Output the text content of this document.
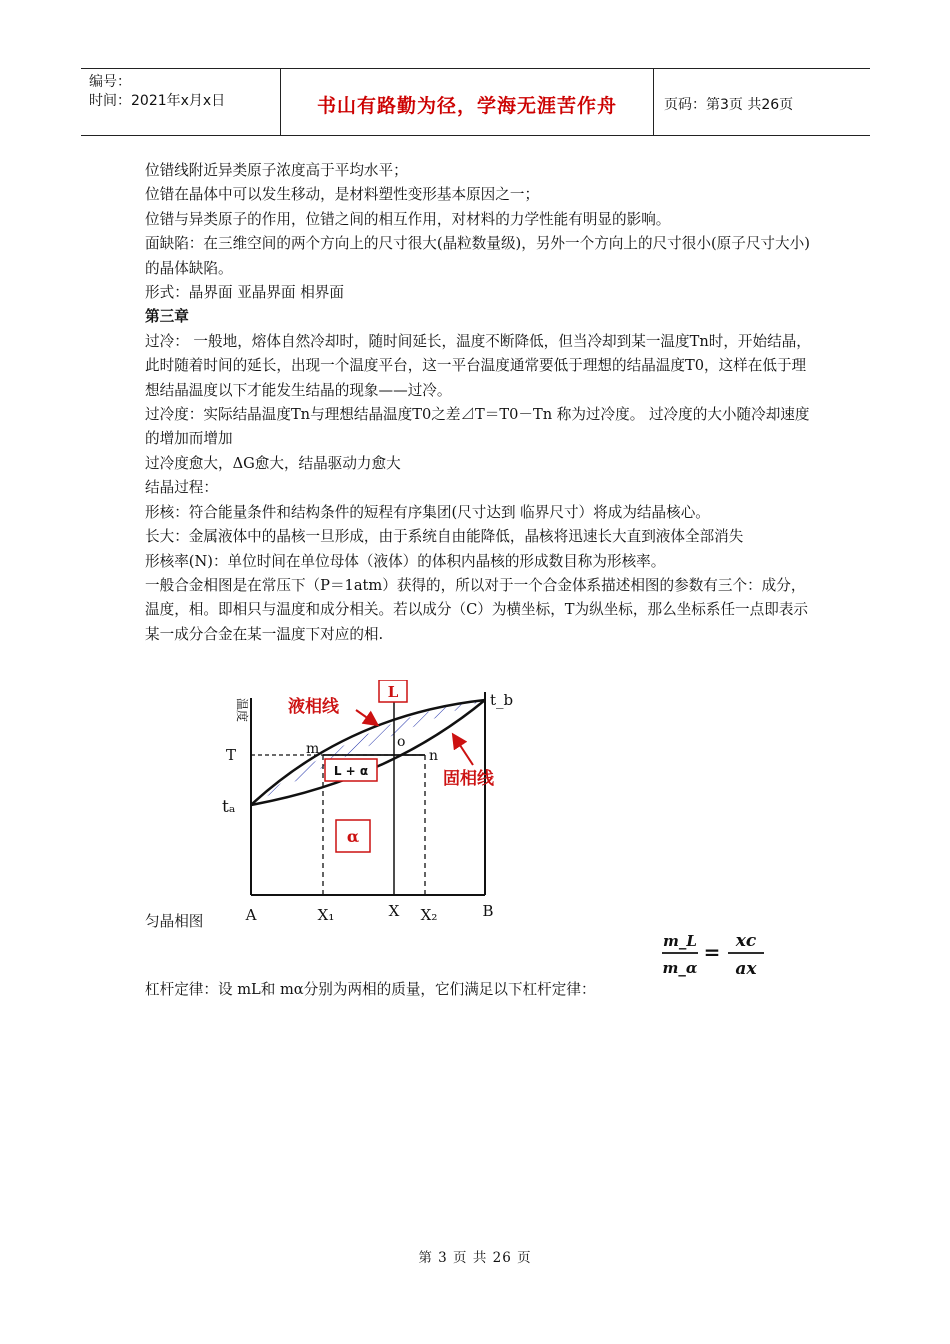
编号：
时间：2021年x月x日	书山有路勤为径，学海无涯苦作舟	页码：第3页 共26页

位错线附近异类原子浓度高于平均水平；

位错在晶体中可以发生移动，是材料塑性变形基本原因之一；

位错与异类原子的作用，位错之间的相互作用，对材料的力学性能有明显的影响。

面缺陷：在三维空间的两个方向上的尺寸很大(晶粒数量级)，另外一个方向上的尺寸很小(原子尺寸大小)的晶体缺陷。

形式：晶界面 亚晶界面 相界面

第三章

过冷： 一般地，熔体自然冷却时，随时间延长，温度不断降低，但当冷却到某一温度Tn时，开始结晶，此时随着时间的延长，出现一个温度平台，这一平台温度通常要低于理想的结晶温度T0，这样在低于理想结晶温度以下才能发生结晶的现象——过冷。

过冷度：实际结晶温度Tn与理想结晶温度T0之差⊿T＝T0－Tn 称为过冷度。 过冷度的大小随冷却速度的增加而增加

过冷度愈大，ΔG愈大，结晶驱动力愈大

结晶过程：

形核：符合能量条件和结构条件的短程有序集团(尺寸达到 临界尺寸）将成为结晶核心。

长大：金属液体中的晶核一旦形成，由于系统自由能降低，晶核将迅速长大直到液体全部消失

形核率(N)：单位时间在单位母体（液体）的体积内晶核的形成数目称为形核率。

一般合金相图是在常压下（P＝1atm）获得的，所以对于一个合金体系描述相图的参数有三个：成分，温度，相。即相只与温度和成分相关。若以成分（C）为横坐标，T为纵坐标，那么坐标系任一点即表示某一成分合金在某一温度下对应的相.

L
L + α
α
液相线
固相线
温度
T
tₐ
t_b
m	o
n
A	X₁	X X₂	B
匀晶相图
m_L
m_α
= xc
ax
杠杆定律：设 mL和 mα分别为两相的质量，它们满足以下杠杆定律：
第 3 页 共 26 页
